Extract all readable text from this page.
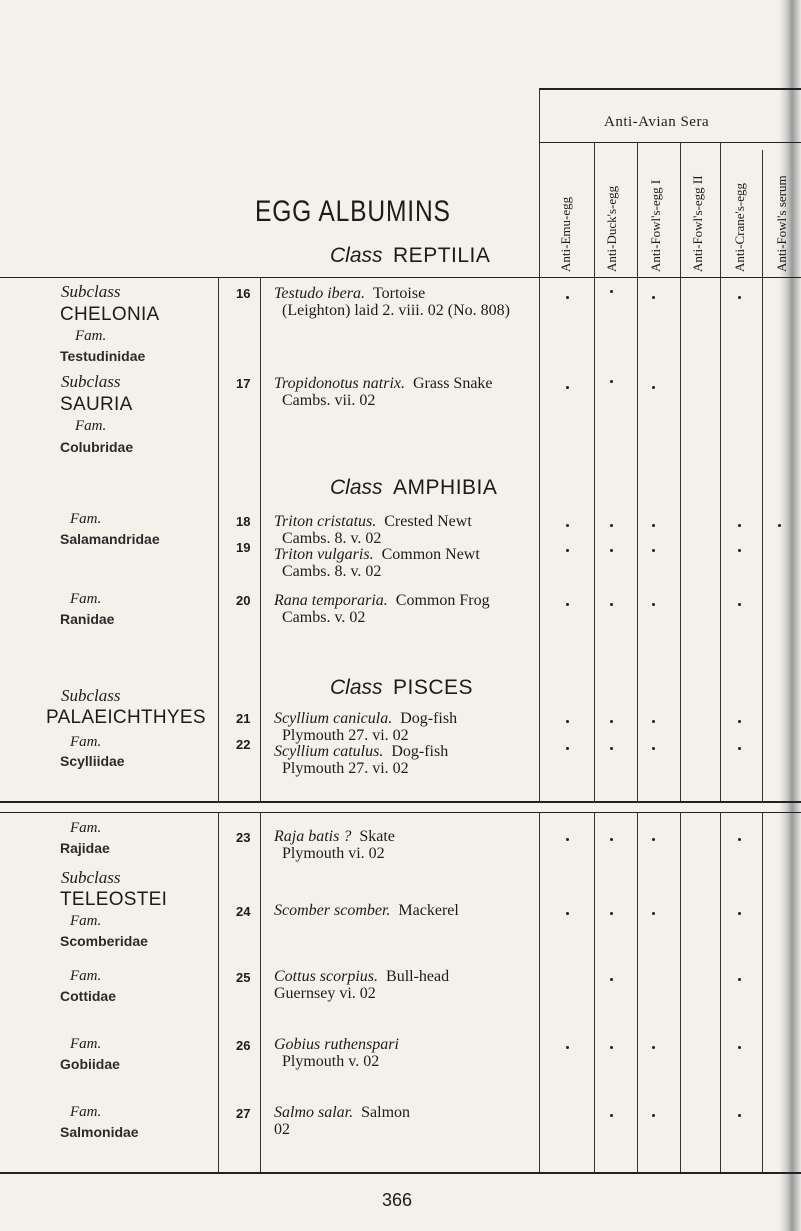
EGG ALBUMINS
Class REPTILIA
Anti-Avian Sera
Anti-Emu-egg Anti-Duck's-egg Anti-Fowl's-egg I Anti-Fowl's-egg II Anti-Crane's-egg Anti-Fowl's serum
Subclass
CHELONIA
Fam.
Testudinidae
Subclass
SAURIA
Fam.
Colubridae
Fam.
Salamandridae
Fam.
Ranidae
Subclass
PALAEICHTHYES
Fam.
Scylliidae
16
17
18
19
20
21
22
Testudo ibera. Tortoise
(Leighton) laid 2. viii. 02 (No. 808)
Tropidonotus natrix. Grass Snake
Cambs. vii. 02
Class AMPHIBIA
Triton cristatus. Crested Newt
Cambs. 8. v. 02
Triton vulgaris. Common Newt
Cambs. 8. v. 02
Rana temporaria. Common Frog
Cambs. v. 02
Class PISCES
Scyllium canicula. Dog-fish
Plymouth 27. vi. 02
Scyllium catulus. Dog-fish
Plymouth 27. vi. 02
Fam.
Rajidae
23 Raja batis ? Skate
Plymouth vi. 02
Subclass
TELEOSTEI
Fam.
Scomberidae
24 Scomber scomber. Mackerel
Fam.
Cottidae
25 Cottus scorpius. Bull-head
Guernsey vi. 02
Fam.
Gobiidae
26 Gobius ruthenspari
Plymouth v. 02
Fam.
Salmonidae
27 Salmo salar. Salmon
02
366
